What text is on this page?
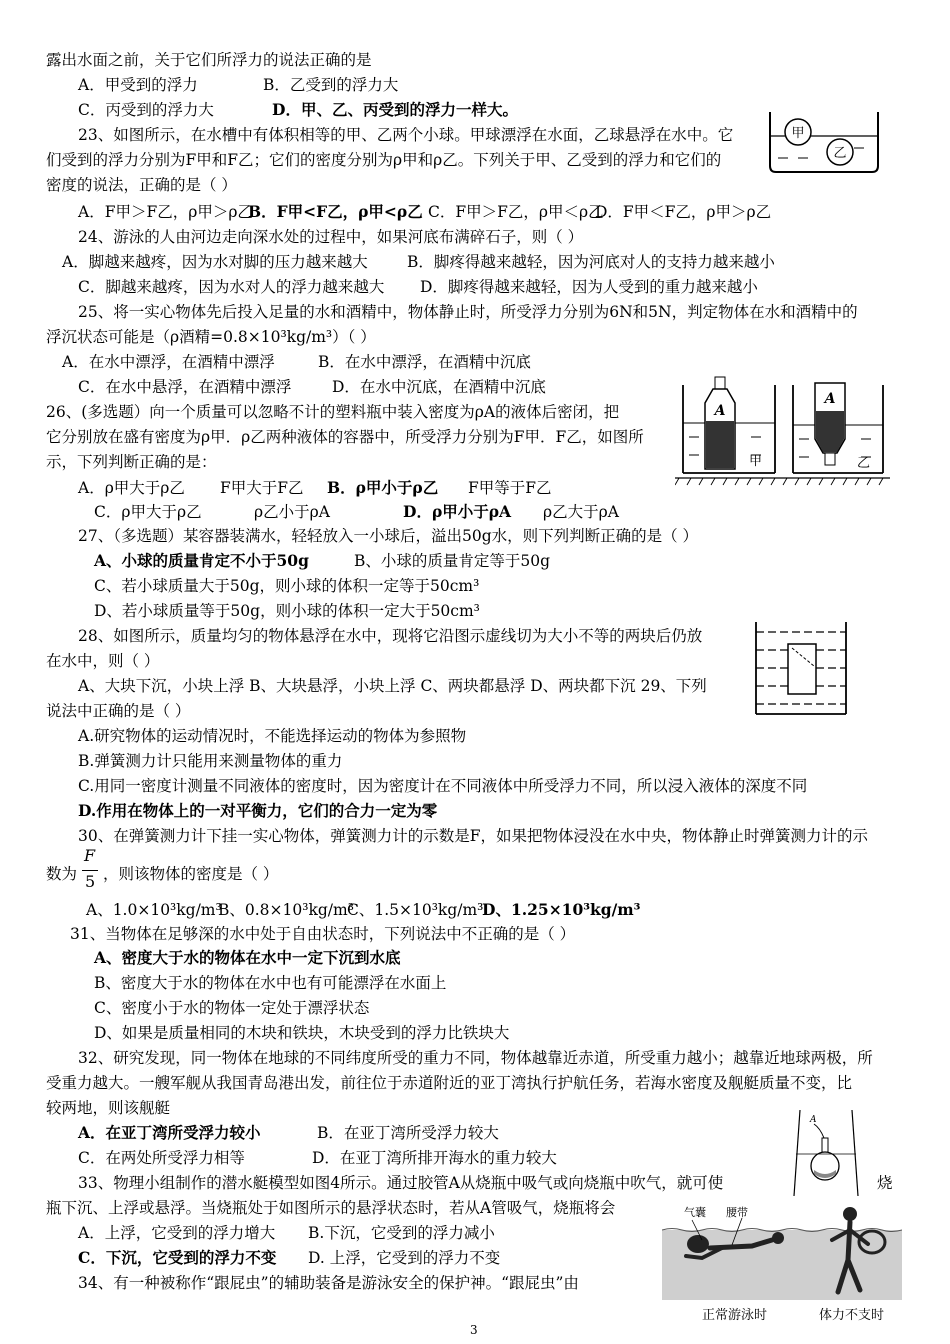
露出水面之前，关于它们所浮力的说法正确的是
A．甲受到的浮力	B．乙受到的浮力大
C．丙受到的浮力大	D．甲、乙、丙受到的浮力一样大。
23、如图所示，在水槽中有体积相等的甲、乙两个小球。甲球漂浮在水面，乙球悬浮在水中。它
们受到的浮力分别为F甲和F乙；它们的密度分别为ρ甲和ρ乙。下列关于甲、乙受到的浮力和它们的
密度的说法，正确的是（ ）
A．F甲＞F乙，ρ甲＞ρ乙
B．F甲<F乙，ρ甲<ρ乙 C．F甲＞F乙，ρ甲＜ρ乙
D．F甲＜F乙，ρ甲＞ρ乙
24、游泳的人由河边走向深水处的过程中，如果河底布满碎石子，则（ ）
A．脚越来越疼，因为水对脚的压力越来越大	B．脚疼得越来越轻，因为河底对人的支持力越来越小
C．脚越来越疼，因为水对人的浮力越来越大 D．脚疼得越来越轻，因为人受到的重力越来越小
25、将一实心物体先后投入足量的水和酒精中，物体静止时，所受浮力分别为6N和5N，判定物体在水和酒精中的
浮沉状态可能是（ρ酒精=0.8×10³kg/m³）（ ）
A．在水中漂浮，在酒精中漂浮	B．在水中漂浮，在酒精中沉底
C．在水中悬浮，在酒精中漂浮	D．在水中沉底，在酒精中沉底
26、(多选题）向一个质量可以忽略不计的塑料瓶中装入密度为ρA的液体后密闭，把
它分别放在盛有密度为ρ甲．ρ乙两种液体的容器中，所受浮力分别为F甲．F乙，如图所
示，下列判断正确的是：
A．ρ甲大于ρ乙 F甲大于F乙 B．ρ甲小于ρ乙 F甲等于F乙
C．ρ甲大于ρ乙	ρ乙小于ρA	D．ρ甲小于ρA ρ乙大于ρA
27、（多选题）某容器装满水，轻轻放入一小球后，溢出50g水，则下列判断正确的是（ ）
A、小球的质量肯定不小于50g	B、小球的质量肯定等于50g
C、若小球质量大于50g，则小球的体积一定等于50cm³
D、若小球质量等于50g，则小球的体积一定大于50cm³
28、如图所示，质量均匀的物体悬浮在水中，现将它沿图示虚线切为大小不等的两块后仍放
在水中，则（ ）
A、大块下沉，小块上浮 B、大块悬浮，小块上浮 C、两块都悬浮 D、两块都下沉 29、下列
说法中正确的是（ ）
A.研究物体的运动情况时，不能选择运动的物体为参照物
B.弹簧测力计只能用来测量物体的重力
C.用同一密度计测量不同液体的密度时，因为密度计在不同液体中所受浮力不同，所以浸入液体的深度不同
D.作用在物体上的一对平衡力，它们的合力一定为零
30、在弹簧测力计下挂一实心物体，弹簧测力计的示数是F，如果把物体浸没在水中央，物体静止时弹簧测力计的示
数为
F
5 ，则该物体的密度是（ ）
A、1.0×10³kg/m³
B、0.8×10³kg/m³
C、1.5×10³kg/m³
D、1.25×10³kg/m³
31、当物体在足够深的水中处于自由状态时，下列说法中不正确的是（ ）
A、密度大于水的物体在水中一定下沉到水底
B、密度大于水的物体在水中也有可能漂浮在水面上
C、密度小于水的物体一定处于漂浮状态
D、如果是质量相同的木块和铁块，木块受到的浮力比铁块大
32、研究发现，同一物体在地球的不同纬度所受的重力不同，物体越靠近赤道，所受重力越小；越靠近地球两极，所
受重力越大。一艘军舰从我国青岛港出发，前往位于赤道附近的亚丁湾执行护航任务，若海水密度及舰艇质量不变，比
较两地，则该舰艇
A．在亚丁湾所受浮力较小	B．在亚丁湾所受浮力较大
C．在两处所受浮力相等	D．在亚丁湾所排开海水的重力较大
33、物理小组制作的潜水艇模型如图4所示。通过胶管A从烧瓶中吸气或向烧瓶中吹气，就可使	烧
瓶下沉、上浮或悬浮。当烧瓶处于如图所示的悬浮状态时，若从A管吸气，烧瓶将会
A．上浮，它受到的浮力增大 B.下沉，它受到的浮力减小
C．下沉，它受到的浮力不变 D. 上浮，它受到的浮力不变
34、有一种被称作“跟屁虫”的辅助装备是游泳安全的保护神。“跟屁虫”由
甲
乙
A
甲
A
乙
A
气囊 腰带
正常游泳时	体力不支时
3
